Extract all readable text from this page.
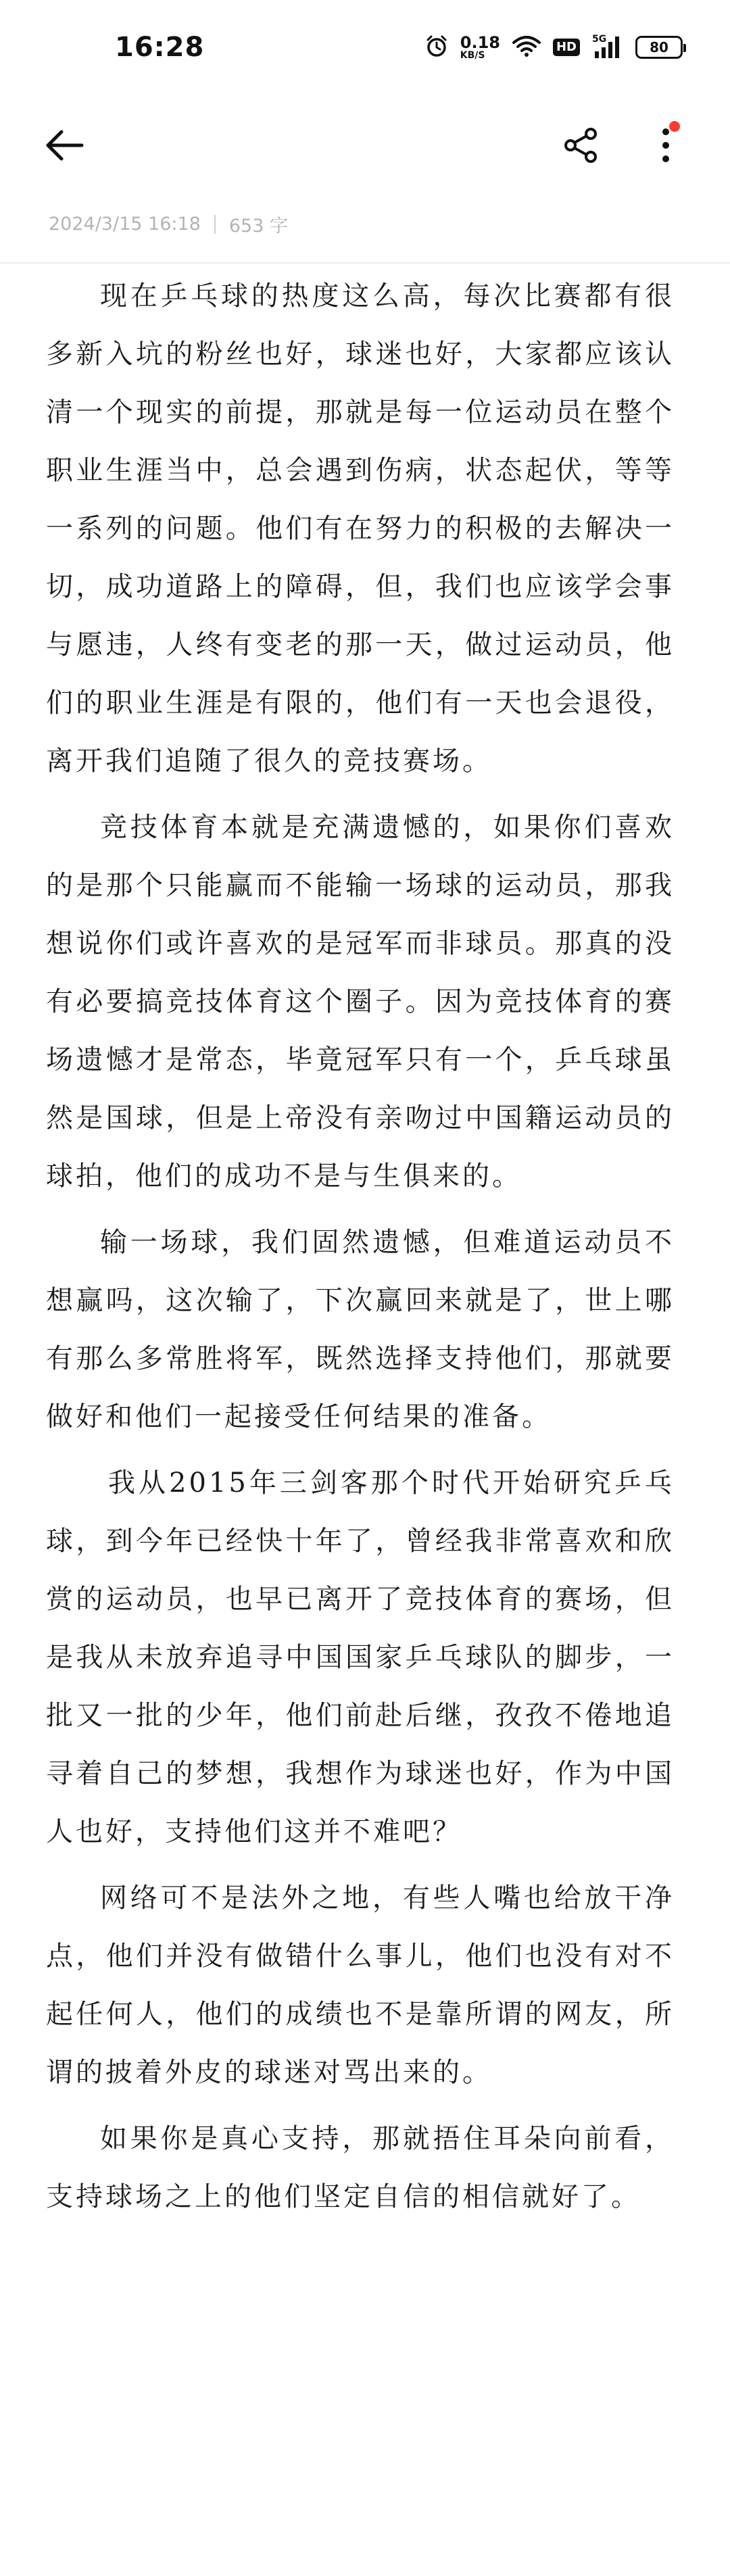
16:28	0.18
KB/S
HD
5G	80
2024/3/15 16:18 653 字

现在乒乓球的热度这么高，每次比赛都有很多新入坑的粉丝也好，球迷也好，大家都应该认清一个现实的前提，那就是每一位运动员在整个职业生涯当中，总会遇到伤病，状态起伏，等等一系列的问题。他们有在努力的积极的去解决一切，成功道路上的障碍，但，我们也应该学会事与愿违，人终有变老的那一天，做过运动员，他们的职业生涯是有限的，他们有一天也会退役，离开我们追随了很久的竞技赛场。

竞技体育本就是充满遗憾的，如果你们喜欢的是那个只能赢而不能输一场球的运动员，那我想说你们或许喜欢的是冠军而非球员。那真的没有必要搞竞技体育这个圈子。因为竞技体育的赛场遗憾才是常态，毕竟冠军只有一个，乒乓球虽然是国球，但是上帝没有亲吻过中国籍运动员的球拍，他们的成功不是与生俱来的。

输一场球，我们固然遗憾，但难道运动员不想赢吗，这次输了，下次赢回来就是了，世上哪有那么多常胜将军，既然选择支持他们，那就要做好和他们一起接受任何结果的准备。

我从2015年三剑客那个时代开始研究乒乓球，到今年已经快十年了，曾经我非常喜欢和欣赏的运动员，也早已离开了竞技体育的赛场，但是我从未放弃追寻中国国家乒乓球队的脚步，一批又一批的少年，他们前赴后继，孜孜不倦地追寻着自己的梦想，我想作为球迷也好，作为中国人也好，支持他们这并不难吧？

网络可不是法外之地，有些人嘴也给放干净点，他们并没有做错什么事儿，他们也没有对不起任何人，他们的成绩也不是靠所谓的网友，所谓的披着外皮的球迷对骂出来的。

如果你是真心支持，那就捂住耳朵向前看，支持球场之上的他们坚定自信的相信就好了。
